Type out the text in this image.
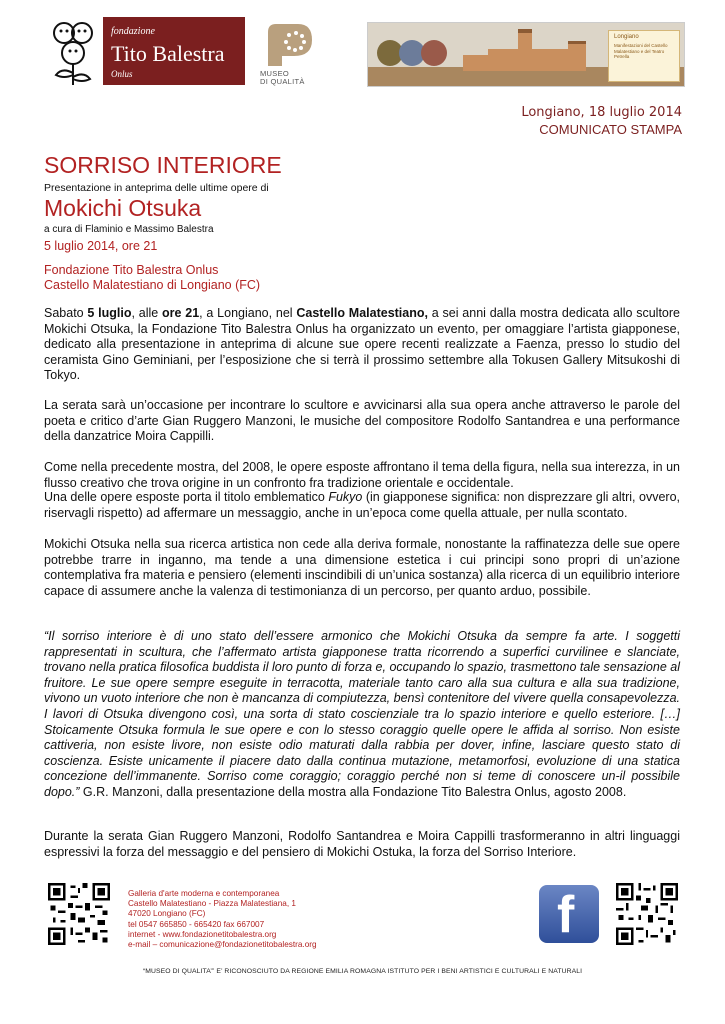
fondazione
Tito Balestra
Onlus	MUSEO
DI QUALITÀ
Longiano
Manifestazioni del Castello Malatestiano e del Teatro Petrella
Longiano, 18 luglio 2014
COMUNICATO STAMPA
SORRISO INTERIORE
Presentazione in anteprima delle ultime opere di
Mokichi Otsuka
a cura di Flaminio e Massimo Balestra
5 luglio 2014, ore 21
Fondazione Tito Balestra Onlus
Castello Malatestiano di Longiano (FC)
Sabato 5 luglio, alle ore 21, a Longiano, nel Castello Malatestiano, a sei anni dalla mostra dedicata allo scultore Mokichi Otsuka, la Fondazione Tito Balestra Onlus ha organizzato un evento, per omaggiare l’artista giapponese, dedicato alla presentazione in anteprima di alcune sue opere recenti realizzate a Faenza, presso lo studio del ceramista Gino Geminiani, per l’esposizione che si terrà il prossimo settembre alla Tokusen Gallery Mitsukoshi di Tokyo.
La serata sarà un’occasione per incontrare lo scultore e avvicinarsi alla sua opera anche attraverso le parole del poeta e critico d’arte Gian Ruggero Manzoni, le musiche del compositore Rodolfo Santandrea e una performance della danzatrice Moira Cappilli.
Come nella precedente mostra, del 2008, le opere esposte affrontano il tema della figura, nella sua interezza, in un flusso creativo che trova origine in un confronto fra tradizione orientale e occidentale.
Una delle opere esposte porta il titolo emblematico Fukyo (in giapponese significa: non disprezzare gli altri, ovvero, riservagli rispetto) ad affermare un messaggio, anche in un’epoca come quella attuale, per nulla scontato.
Mokichi Otsuka nella sua ricerca artistica non cede alla deriva formale, nonostante la raffinatezza delle sue opere potrebbe trarre in inganno, ma tende a una dimensione estetica i cui principi sono propri di un’azione contemplativa fra materia e pensiero (elementi inscindibili di un’unica sostanza) alla ricerca di un equilibrio interiore capace di assumere anche la valenza di testimonianza di un percorso, per quanto arduo, possibile.
“Il sorriso interiore è di uno stato dell’essere armonico che Mokichi Otsuka da sempre fa arte. I soggetti rappresentati in scultura, che l’affermato artista giapponese tratta ricorrendo a superfici curvilinee e slanciate, trovano nella pratica filosofica buddista il loro punto di forza e, occupando lo spazio, trasmettono tale sensazione al fruitore. Le sue opere sempre eseguite in terracotta, materiale tanto caro alla sua cultura e alla sua tradizione, vivono un vuoto interiore che non è mancanza di compiutezza, bensì contenitore del vivere quella consapevolezza. I lavori di Otsuka divengono così, una sorta di stato coscienziale tra lo spazio interiore e quello esteriore. […] Stoicamente Otsuka formula le sue opere e con lo stesso coraggio quelle opere le affida al sorriso. Non esiste cattiveria, non esiste livore, non esiste odio maturati dalla rabbia per dover, infine, lasciare questo stato di coscienza. Esiste unicamente il piacere dato dalla continua mutazione, metamorfosi, evoluzione di una statica concezione dell’immanente. Sorriso come coraggio; coraggio perché non si teme di conoscere un-il possibile dopo.” G.R. Manzoni, dalla presentazione della mostra alla Fondazione Tito Balestra Onlus, agosto 2008.
Durante la serata Gian Ruggero Manzoni, Rodolfo Santandrea e Moira Cappilli trasformeranno in altri linguaggi espressivi la forza del messaggio e del pensiero di Mokichi Ostuka, la forza del Sorriso Interiore.
Galleria d'arte moderna e contemporanea
Castello Malatestiano - Piazza Malatestiana, 1
47020 Longiano (FC)
tel 0547 665850 - 665420 fax 667007
internet - www.fondazionetitobalestra.org
e-mail – comunicazione@fondazionetitobalestra.org
f
“MUSEO DI QUALITA’” E’ RICONOSCIUTO DA REGIONE EMILIA ROMAGNA ISTITUTO PER I BENI ARTISTICI E CULTURALI E NATURALI
